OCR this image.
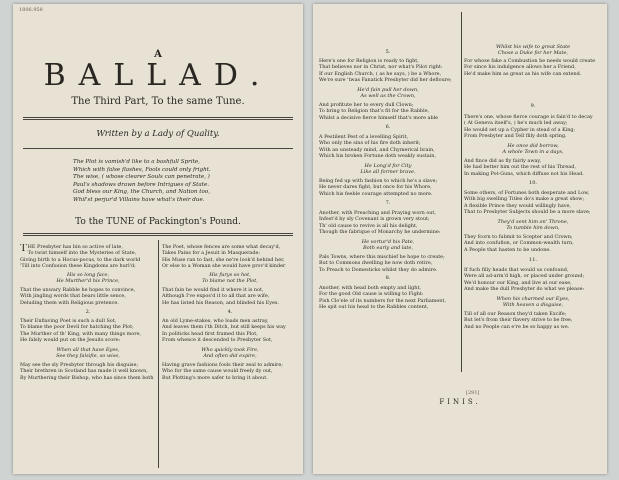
1806.958
A
BALLAD.
The Third Part, To the same Tune.
Written by a Lady of Quality.
The Plot is vamish'd like to a bashfull Sprite,
Which with false flashes, Fools could only fright.
The wise, ( whose clearer Souls can penetrate, )
Paul's shadows drawn before Intrigues of State.
God bless our King, the Church, and Nation too,
Whil'st perjur'd Villains have what's their due.
To the TUNE of Packington's Pound.
T HE Presbyter has bin so active of late,
To twist himself into the Mysteries of State,
Giving birth to a Hocus-pocus, to the dark world
'Till into Confusion these Kingdoms are hurl'd;
His so long face,
He Murther'd his Prince,
That the unwary Rabble he hopes to convince,
With jingling words that bears little sence,
Deluding them with Religious pretence.
2.
Their Enflaving Poet is such a dull Sot,
To blame the poor Devil for hatching the Plot;
The Murther of th' King, with many things more,
He falsly would put on the Jesuits score:
When all that have Eyes,
See they falsifie, so wise,
May see the sly Presbyter through his disguise;
Their brethren in Scotland has made it well known,
By Murthering their Bishop, who has since them both
The Poet, whose fences are some what decay'd,
Takes Pains for a Jesuit in Masquerade;
His Muse ran to fast, she ne're look'd behind her,
Or else to a Woman she would have prov'd kinder
His furys so hot,
To blame not the Plot,
That fain he would find it where it is not,
Although I've expos'd it to all that are wife,
He has listed his Reason, and blinded his Eyes.
4.
An old Lyme-stakes, who loads men astray,
And leaves them i'th Ditch, but still keeps his way
In politicks head first framed this Plot,
From whence it descended to Presbyter Sot,
Who quickly took Fire,
And often did expire,
Having grave fashions fools their zeal to admire;
Who for the same cause would freely dy out,
But Plotting's more safer to bring it about.
5.
Here's one for Religion is ready to fight,
That believes nor in Christ, nor what's Pilot right:
If our English Church, ( as he says, ) be a Whore,
We're sure 'twas Fanatick Presbyter did her defloure;
He'd fain pull her down,
As well as the Crown,
And profitute her to every dull Clown;
To bring to Religion that's fit for the Rabble,
Whilst a decisive fierce himself that's more able
6.
A Pestilent Pest of a levelling Spirit,
Who only the sins of his fire doth inherit;
With an unsteady mind, and Chymerical brain,
Which his broken Fortune doth weakly sustain,
He Long'd for City
Like all former brave,
Being fed up with fashion to which he's a slave;
He never dares fight, but once for his Whore,
Which his feeble courage attempted no more.
7.
Another, with Preaching and Praying worn out,
Infest'd by sly Covenant is grown very stout;
Th' old cause to revive is all his delight,
Though the fabrique of Monarchy he undermine:
He vortur'd his Pate,
Both early and late,
Pals Towns, where this mischief he hope to create;
But to Commons dwelling he now doth retire,
To Preach to Domesticks whilst they do admire.
8.
Another, with head both empty and light,
For the good Old cause is willing to Fight:
Pish Clo'ele of its numbers for the next Parliament,
He spit out his head to the Rabbles content,
Whilst his wife to great State
Chose a Duke for her Mate,
For whose fake a Combustion he needs would create
For since his indulgence allows her a Friend,
He'd make him as great as his wife can extend.
9.
There's one, whose fierce courage is fain'd to decay
( At Geneva itself's, ) he's much led away;
He would set up a Cypher in stead of a King;
From Presbyter and Tell flily doth spring.
He once did borrow,
A whole Town in a days,
And fince did as fly fairly away,
He had better him out the rest of his Thread,
In making Pot-Guns, which diffuse not his Head.
10.
Some others, of Fortunes both desperate and Low,
With big swelling Titles do's make a great show;
A flexible Prince they would willingly have,
That to Presbyter Subjects should be a more slave;
They'd sent him on' Throne,
To tumble him down,
They fcorn to fubmit to Scepter and Crown;
And into confufion, or Common-wealth turn,
A People that hasten to be undone.
11.
If fuch filly heads that would us confound,
Were all ad-arm'd high, or placed under ground;
We'd honour our King, and live at our ease,
And make the dull Presbyter do what we please:
When his charmed our Eyes,
With heaven a disguise,
Till of all our Reason they'd taken Excife;
But let's from their flavery strive to be free,
And no People can e're be so happy as we.
[291]
FINIS.
